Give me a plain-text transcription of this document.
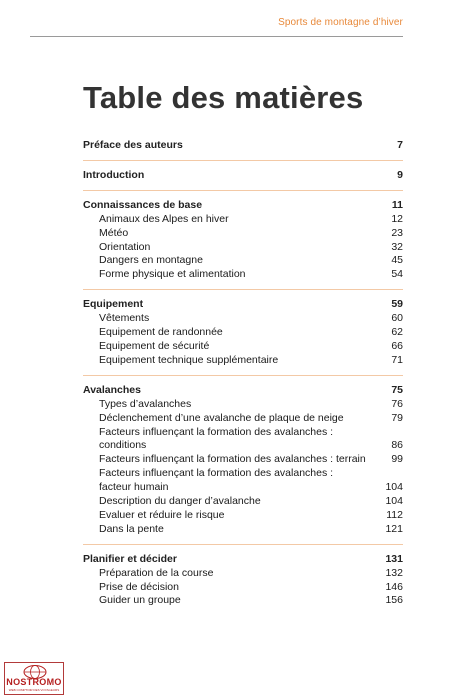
Sports de montagne d’hiver
Table des matières
Préface des auteurs	7
Introduction	9
Connaissances de base	11
Animaux des Alpes en hiver	12
Météo	23
Orientation	32
Dangers en montagne	45
Forme physique et alimentation	54
Equipement	59
Vêtements	60
Equipement de randonnée	62
Equipement de sécurité	66
Equipement technique supplémentaire	71
Avalanches	75
Types d’avalanches	76
Déclenchement d’une avalanche de plaque de neige	79
Facteurs influençant la formation des avalanches :
conditions	86
Facteurs influençant la formation des avalanches : terrain	99
Facteurs influençant la formation des avalanches :
facteur humain	104
Description du danger d’avalanche	104
Evaluer et réduire le risque	112
Dans la pente	121
Planifier et décider	131
Préparation de la course	132
Prise de décision	146
Guider un groupe	156
NOSTROMO
WEB COMPTOIR DES VOYAGEURS
